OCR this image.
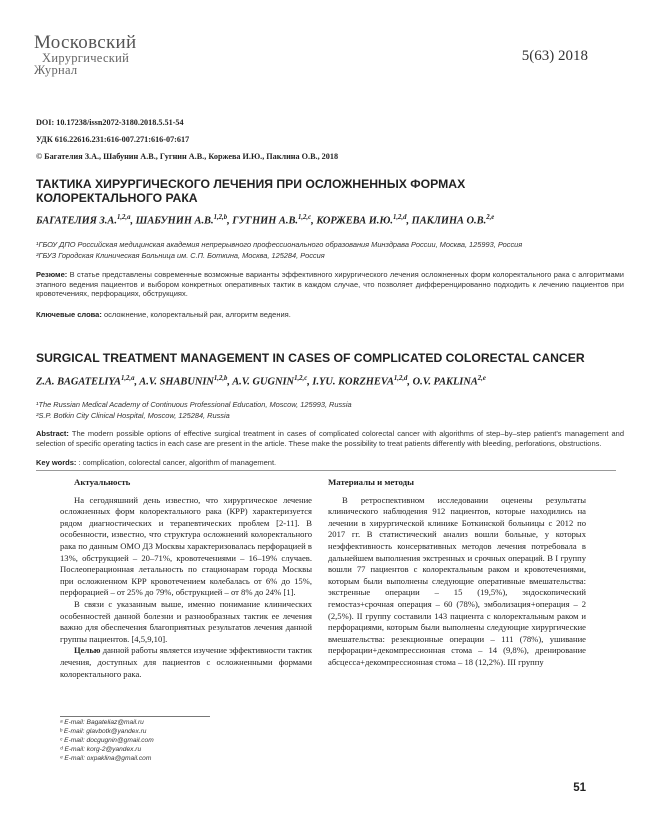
Московский
Хирургический
Журнал
5(63) 2018
DOI: 10.17238/issn2072-3180.2018.5.51-54
УДК 616.22616.231:616-007.271:616-07:617
© Багателия З.А., Шабунин А.В., Гугнин А.В., Коржева И.Ю., Паклина О.В., 2018
ТАКТИКА ХИРУРГИЧЕСКОГО ЛЕЧЕНИЯ ПРИ ОСЛОЖНЕННЫХ ФОРМАХ
КОЛОРЕКТАЛЬНОГО РАКА
БАГАТЕЛИЯ З.А.$^{1,2,a}$, ШАБУНИН А.В.$^{1,2,b}$, ГУГНИН А.В.$^{1,2,c}$, КОРЖЕВА И.Ю.$^{1,2,d}$, ПАКЛИНА О.В.$^{2,e}$
¹ГБОУ ДПО Российская медицинская академия непрерывного профессионального образования Минздрава России, Москва, 125993, Россия
²ГБУЗ Городская Клиническая Больница им. С.П. Боткина, Москва, 125284, Россия
Резюме: В статье представлены современные возможные варианты эффективного хирургического лечения осложненных форм колоректального рака с алгоритмами этапного ведения пациентов и выбором конкретных оперативных тактик в каждом случае, что позволяет дифференцированно подходить к лечению пациентов при кровотечениях, перфорациях, обструкциях.
Ключевые слова: осложнение, колоректальный рак, алгоритм ведения.
SURGICAL TREATMENT MANAGEMENT IN CASES OF COMPLICATED COLORECTAL CANCER
Z.A. BAGATELIYA$^{1,2,a}$, A.V. SHABUNIN$^{1,2,b}$, A.V. GUGNIN$^{1,2,c}$, I.YU. KORZHEVA$^{1,2,d}$, O.V. PAKLINA$^{2,e}$
¹The Russian Medical Academy of Continuous Professional Education, Moscow, 125993, Russia
²S.P. Botkin City Clinical Hospital, Moscow, 125284, Russia
Abstract: The modern possible options of effective surgical treatment in cases of complicated colorectal cancer with algorithms of step–by–step patient's management and selection of specific operating tactics in each case are present in the article. These make the possibility to treat patients differently with bleeding, perforations, obstructions.
Key words: : complication, colorectal cancer, algorithm of management.
Актуальность

На сегодняшний день известно, что хирургическое лечение осложненных форм колоректального рака (КРР) характеризуется рядом диагностических и терапевтических проблем [2-11]. В особенности, известно, что структура осложнений колоректального рака по данным ОМО ДЗ Москвы характеризовалась перфорацией в 13%, обструкцией – 20–71%, кровотечениями – 16–19% случаев. Послеоперационная летальность по стационарам города Москвы при осложненном КРР кровотечением колебалась от 6% до 15%, перфорацией – от 25% до 79%, обструкцией – от 8% до 24% [1].

В связи с указанным выше, именно понимание клинических особенностей данной болезни и разнообразных тактик ее лечения важно для обеспечения благоприятных результатов лечения данной группы пациентов. [4,5,9,10].

Целью данной работы является изучение эффективности тактик лечения, доступных для пациентов с осложненными формами колоректального рака.

Материалы и методы

В ретроспективном исследовании оценены результаты клинического наблюдения 912 пациентов, которые находились на лечении в хирургической клинике Боткинской больницы с 2012 по 2017 гг. В статистический анализ вошли больные, у которых неэффективность консервативных методов лечения потребовала в дальнейшем выполнения экстренных и срочных операций. В I группу вошли 77 пациентов с колоректальным раком и кровотечениями, которым были выполнены следующие оперативные вмешательства: экстренные операции – 15 (19,5%), эндоскопический гемостаз+срочная операция – 60 (78%), эмболизация+операция – 2 (2,5%). II группу составили 143 пациента с колоректальным раком и перфорациями, которым были выполнены следующие хирургические вмешательства: резекционные операции – 111 (78%), ушивание перфорации+декомпрессионная стома – 14 (9,8%), дренирование абсцесса+декомпрессионная стома – 18 (12,2%). III группу

ᵃ E-mail: Bagateliaz@mail.ru
ᵇ E-mail: glavbotk@yandex.ru
ᶜ E-mail: docgugnin@gmail.com
ᵈ E-mail: korg-2@yandex.ru
ᵉ E-mail: oxpaklina@gmail.com
51
